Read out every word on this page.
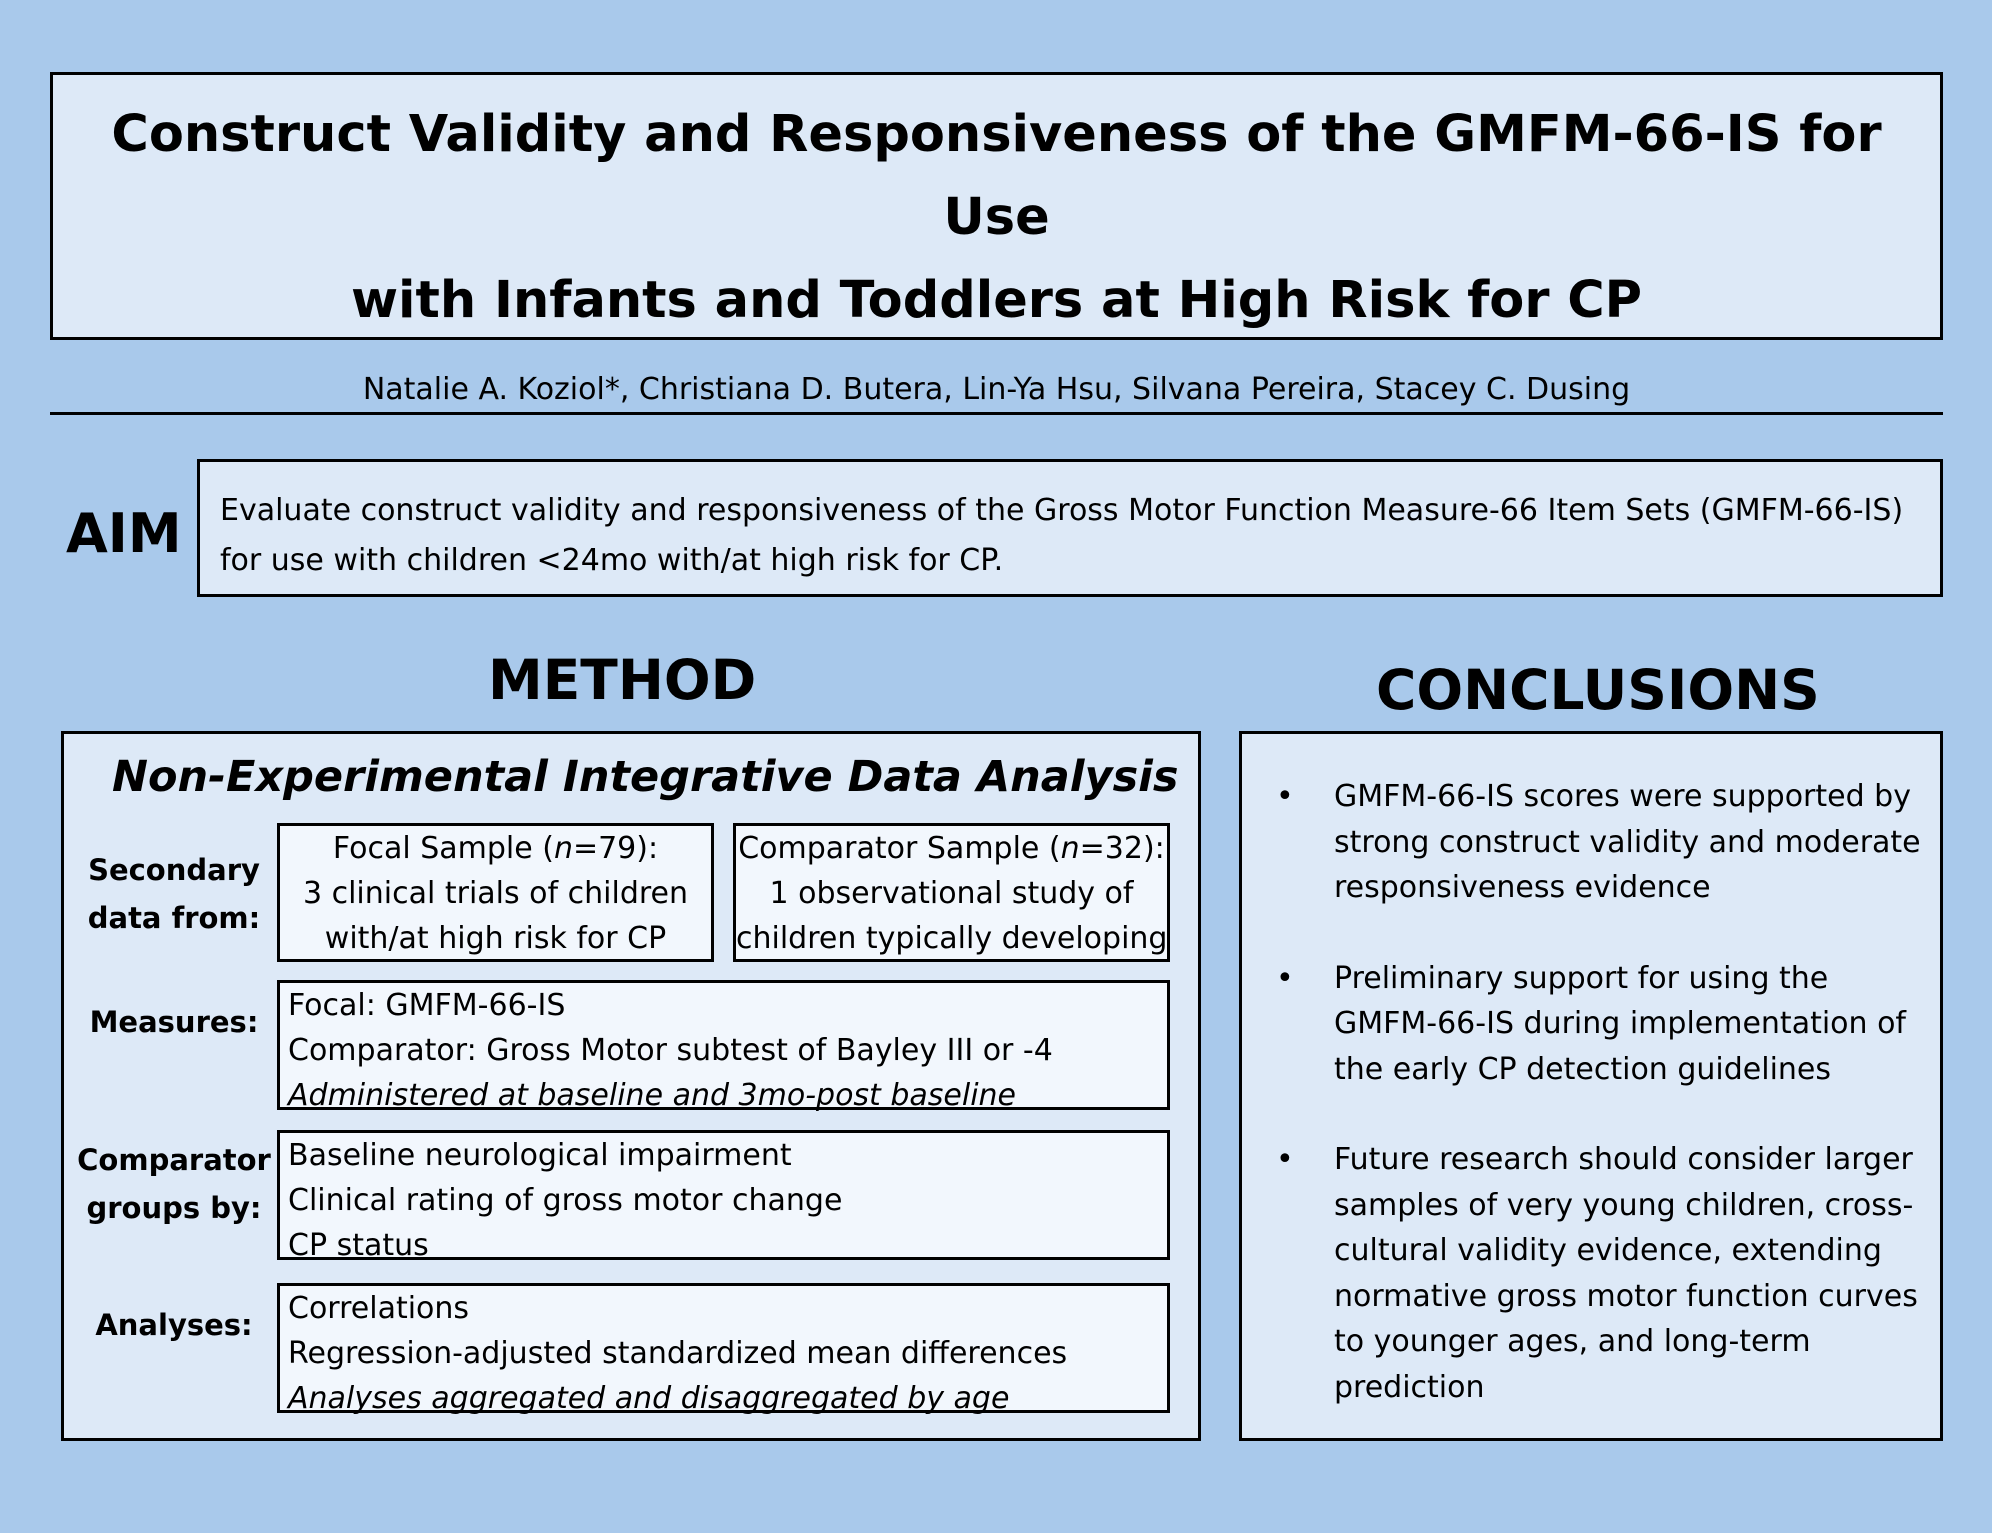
Construct Validity and Responsiveness of the GMFM-66-IS for Use
with Infants and Toddlers at High Risk for CP
Natalie A. Koziol*, Christiana D. Butera, Lin-Ya Hsu, Silvana Pereira, Stacey C. Dusing
AIM Evaluate construct validity and responsiveness of the Gross Motor Function Measure-66 Item Sets (GMFM-66-IS)
for use with children <24mo with/at high risk for CP.
METHOD	CONCLUSIONS
Non-Experimental Integrative Data Analysis
Secondary
data from:
Focal Sample (n=79):
3 clinical trials of children
with/at high risk for CP
Comparator Sample (n=32):
1 observational study of
children typically developing
Measures: Focal: GMFM-66-IS
Comparator: Gross Motor subtest of Bayley III or -4
Administered at baseline and 3mo-post baseline
Comparator
groups by:
Baseline neurological impairment
Clinical rating of gross motor change
CP status
Analyses:	Correlations
Regression-adjusted standardized mean differences
Analyses aggregated and disaggregated by age
• GMFM-66-IS scores were supported by strong construct validity and moderate responsiveness evidence
• Preliminary support for using the GMFM-66-IS during implementation of the early CP detection guidelines
• Future research should consider larger samples of very young children, cross-cultural validity evidence, extending normative gross motor function curves to younger ages, and long-term prediction
